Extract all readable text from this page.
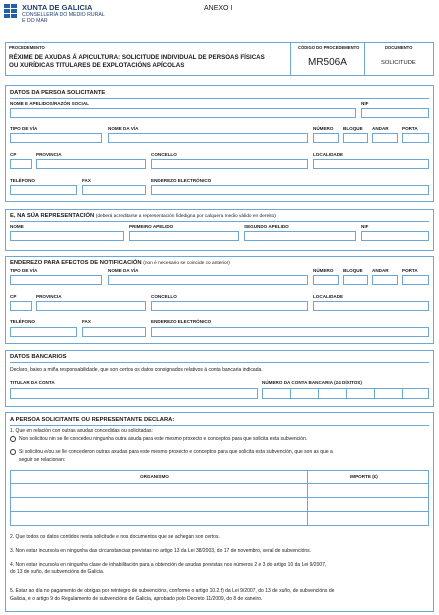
XUNTA DE GALICIA
CONSELLERÍA DO MEDIO RURAL
E DO MAR
ANEXO I
PROCEDEMENTO
RÉXIME DE AXUDAS Á APICULTURA: SOLICITUDE INDIVIDUAL DE PERSOAS FÍSICAS
OU XURÍDICAS TITULARES DE EXPLOTACIÓNS APÍCOLAS
CÓDIGO DO PROCEDEMENTO
MR506A
DOCUMENTO
SOLICITUDE
DATOS DA PERSOA SOLICITANTE
NOME E APELIDOS/RAZÓN SOCIAL	NIF
TIPO DE VÍA	NOME DA VÍA	NÚMERO BLOQUE ANDAR	PORTA
CP	PROVINCIA	CONCELLO	LOCALIDADE
TELÉFONO	FAX	ENDEREZO ELECTRÓNICO
E, NA SÚA REPRESENTACIÓN (deberá acreditarse a representación fidedigna por calquera medio válido en dereito)
NOME	PRIMEIRO APELIDO	SEGUNDO APELIDO	NIF
ENDEREZO PARA EFECTOS DE NOTIFICACIÓN (non é necesario se coincide co anterior)
TIPO DE VÍA	NOME DA VÍA	NÚMERO BLOQUE ANDAR	PORTA
CP	PROVINCIA	CONCELLO	LOCALIDADE
TELÉFONO	FAX	ENDEREZO ELECTRÓNICO
DATOS BANCARIOS
Declaro, baixo a miña responsabilidade, que son certos os datos consignados relativos á conta bancaria indicada.
TITULAR DA CONTA	NÚMERO DA CONTA BANCARIA (24 DÍXITOS)
A PERSOA SOLICITANTE OU REPRESENTANTE DECLARA:
1. Que en relación con outras axudas concedidas ou solicitadas:
Non solicitou nin se lle concedeu ningunha outra axuda para este mesmo proxecto e conceptos para que solicita esta subvención.
Si solicitou e/ou se lle concederon outras axudas para este mesmo proxecto e conceptos para que solicita esta subvención, que son as que a
seguir se relacionan:
ORGANISMO	IMPORTE (€)
2. Que todos os datos contidos nesta solicitude e nos documentos que se achegan son certos.
3. Non estar incurso/a en ningunha das circunstancias previstas no artigo 13 da Lei 38/2003, do 17 de novembro, xeral de subvencións.
4. Non estar incurso/a en ningunha clase de inhabilitación para a obtención de axudas previstas nos números 2 e 3 do artigo 10 da Lei 9/2007,
do 13 de xuño, de subvencións de Galicia.
5. Estar ao día no pagamento de obrigas por reintegro de subvencións, conforme o artigo 10.2.f) da Lei 9/2007, do 13 de xuño, de subvencións de
Galicia, e o artigo 9 do Regulamento de subvencións de Galicia, aprobado polo Decreto 11/2009, do 8 de xaneiro.
